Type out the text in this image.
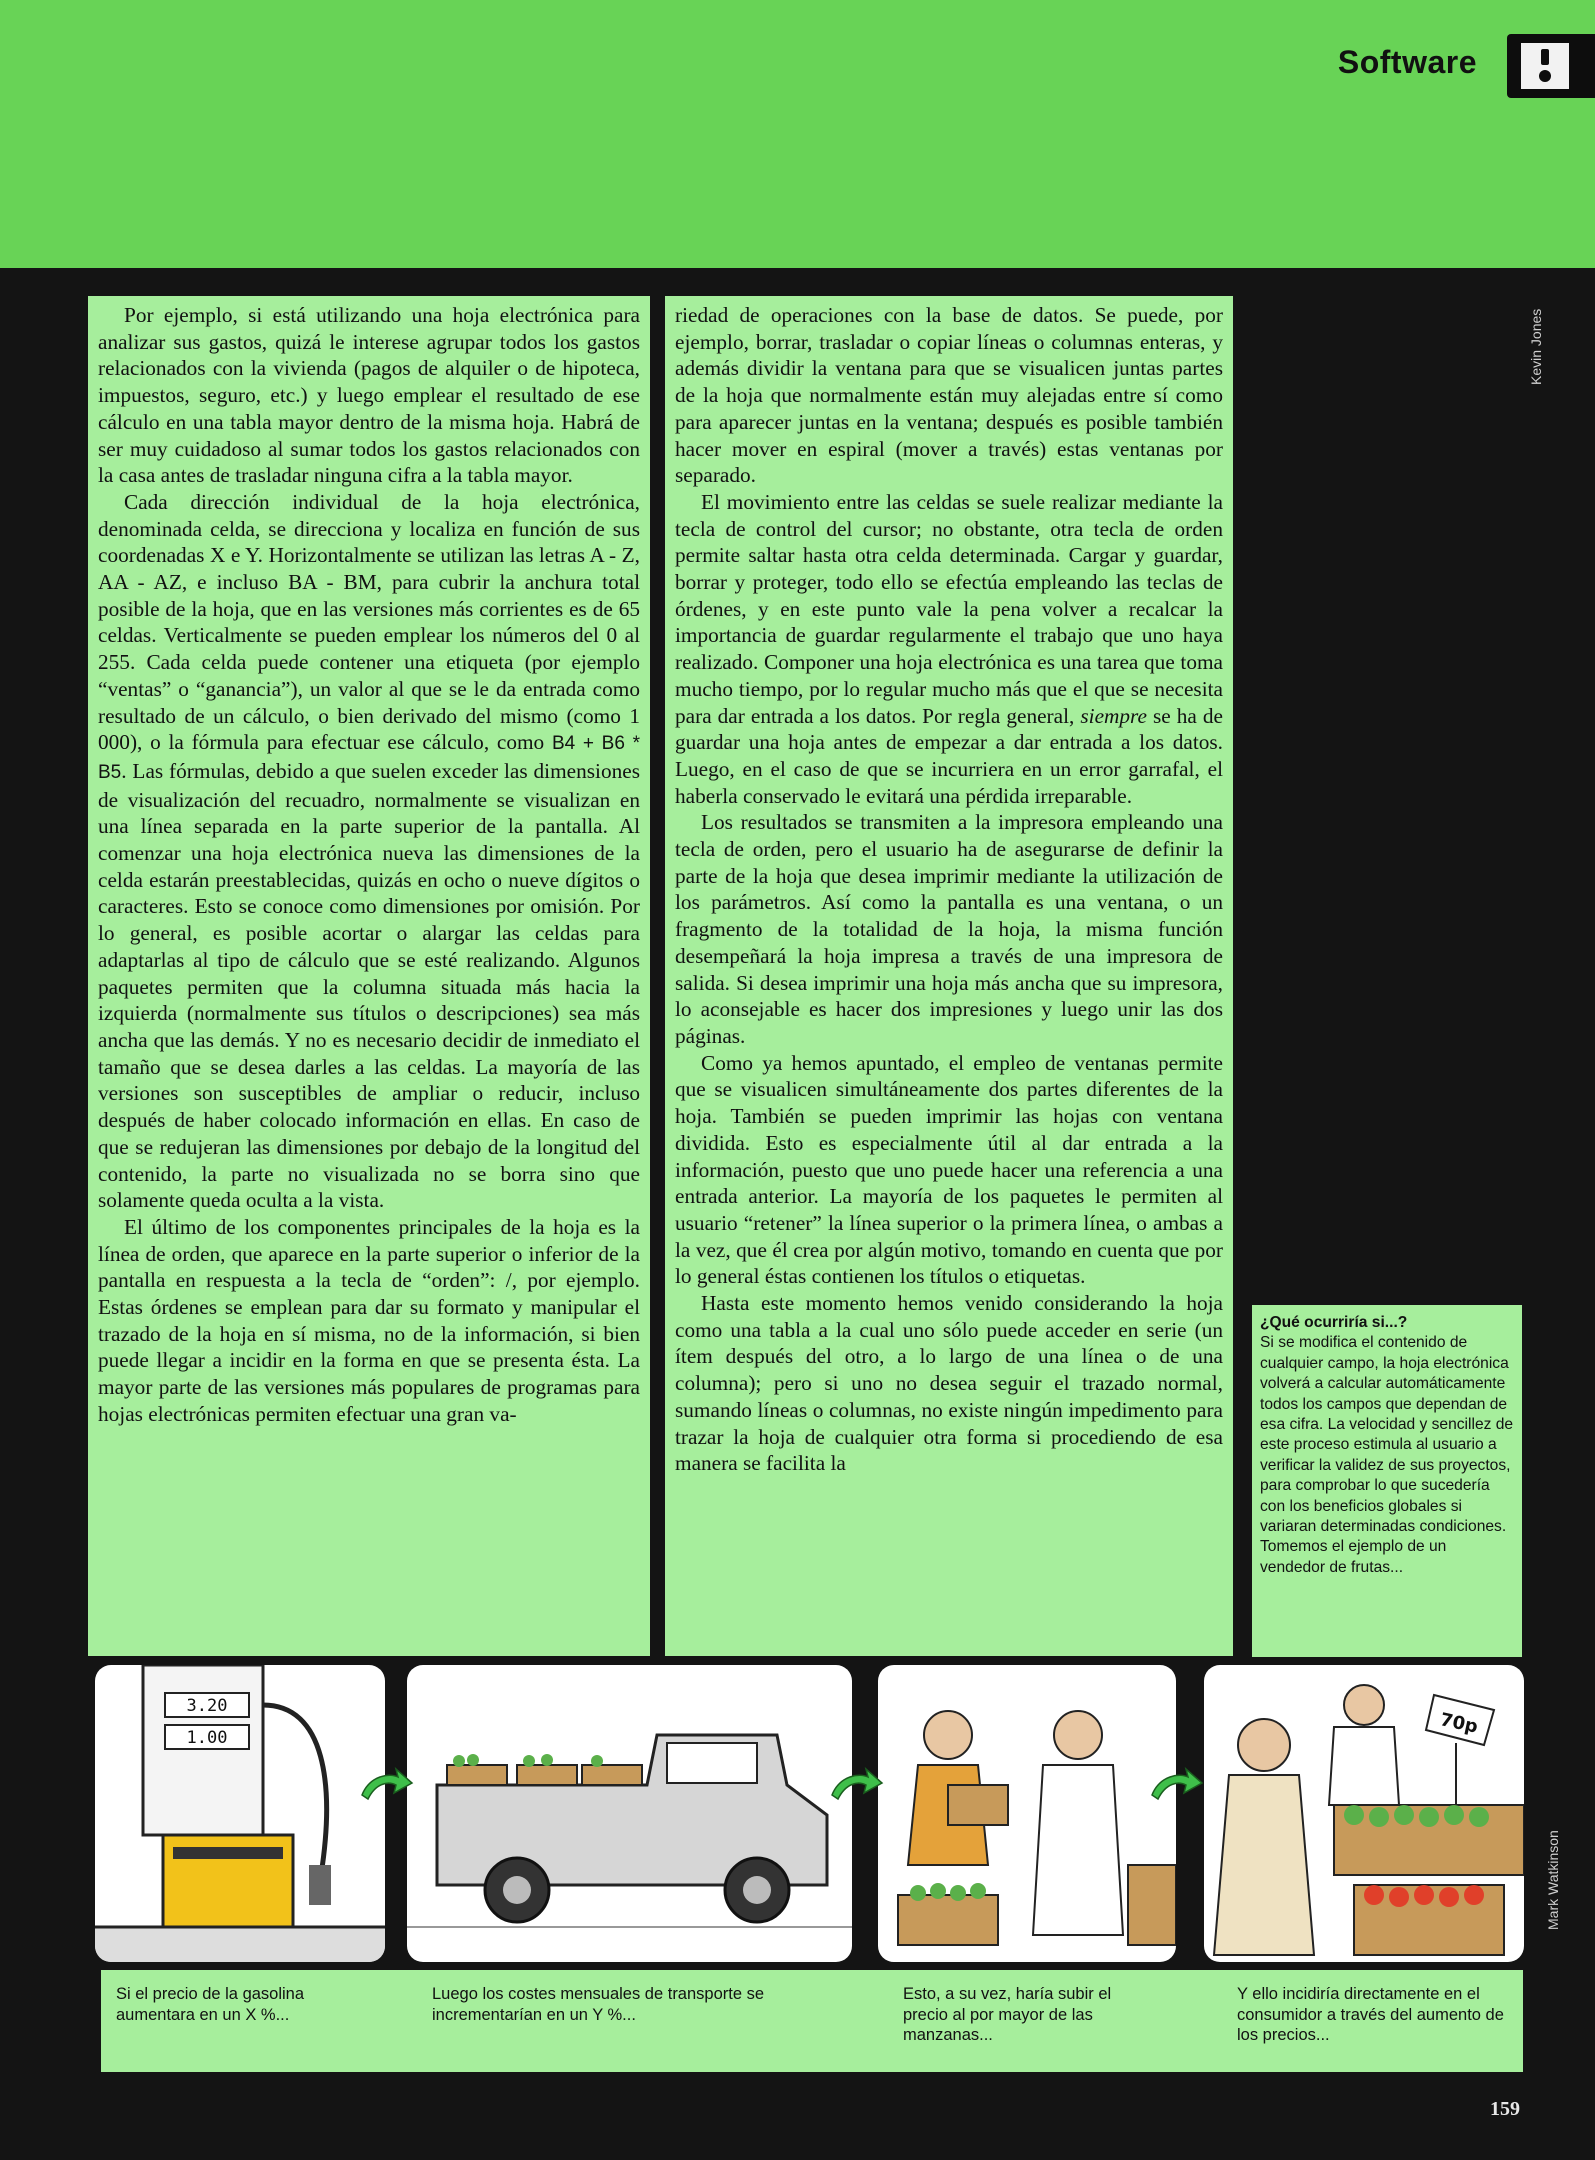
Software

Por ejemplo, si está utilizando una hoja electrónica para analizar sus gastos, quizá le interese agrupar todos los gastos relacionados con la vivienda (pagos de alquiler o de hipoteca, impuestos, seguro, etc.) y luego emplear el resultado de ese cálculo en una tabla mayor dentro de la misma hoja. Habrá de ser muy cuidadoso al sumar todos los gastos relacionados con la casa antes de trasladar ninguna cifra a la tabla mayor.

Cada dirección individual de la hoja electrónica, denominada celda, se direcciona y localiza en función de sus coordenadas X e Y. Horizontalmente se utilizan las letras A - Z, AA - AZ, e incluso BA - BM, para cubrir la anchura total posible de la hoja, que en las versiones más corrientes es de 65 celdas. Verticalmente se pueden emplear los números del 0 al 255. Cada celda puede contener una etiqueta (por ejemplo “ventas” o “ganancia”), un valor al que se le da entrada como resultado de un cálculo, o bien derivado del mismo (como 1 000), o la fórmula para efectuar ese cálculo, como B4 + B6 * B5. Las fórmulas, debido a que suelen exceder las dimensiones de visualización del recuadro, normalmente se visualizan en una línea separada en la parte superior de la pantalla. Al comenzar una hoja electrónica nueva las dimensiones de la celda estarán preestablecidas, quizás en ocho o nueve dígitos o caracteres. Esto se conoce como dimensiones por omisión. Por lo general, es posible acortar o alargar las celdas para adaptarlas al tipo de cálculo que se esté realizando. Algunos paquetes permiten que la columna situada más hacia la izquierda (normalmente sus títulos o descripciones) sea más ancha que las demás. Y no es necesario decidir de inmediato el tamaño que se desea darles a las celdas. La mayoría de las versiones son susceptibles de ampliar o reducir, incluso después de haber colocado información en ellas. En caso de que se redujeran las dimensiones por debajo de la longitud del contenido, la parte no visualizada no se borra sino que solamente queda oculta a la vista.

El último de los componentes principales de la hoja es la línea de orden, que aparece en la parte superior o inferior de la pantalla en respuesta a la tecla de “orden”: /, por ejemplo. Estas órdenes se emplean para dar su formato y manipular el trazado de la hoja en sí misma, no de la información, si bien puede llegar a incidir en la forma en que se presenta ésta. La mayor parte de las versiones más populares de programas para hojas electrónicas permiten efectuar una gran va-

riedad de operaciones con la base de datos. Se puede, por ejemplo, borrar, trasladar o copiar líneas o columnas enteras, y además dividir la ventana para que se visualicen juntas partes de la hoja que normalmente están muy alejadas entre sí como para aparecer juntas en la ventana; después es posible también hacer mover en espiral (mover a través) estas ventanas por separado.

El movimiento entre las celdas se suele realizar mediante la tecla de control del cursor; no obstante, otra tecla de orden permite saltar hasta otra celda determinada. Cargar y guardar, borrar y proteger, todo ello se efectúa empleando las teclas de órdenes, y en este punto vale la pena volver a recalcar la importancia de guardar regularmente el trabajo que uno haya realizado. Componer una hoja electrónica es una tarea que toma mucho tiempo, por lo regular mucho más que el que se necesita para dar entrada a los datos. Por regla general, siempre se ha de guardar una hoja antes de empezar a dar entrada a los datos. Luego, en el caso de que se incurriera en un error garrafal, el haberla conservado le evitará una pérdida irreparable.

Los resultados se transmiten a la impresora empleando una tecla de orden, pero el usuario ha de asegurarse de definir la parte de la hoja que desea imprimir mediante la utilización de los parámetros. Así como la pantalla es una ventana, o un fragmento de la totalidad de la hoja, la misma función desempeñará la hoja impresa a través de una impresora de salida. Si desea imprimir una hoja más ancha que su impresora, lo aconsejable es hacer dos impresiones y luego unir las dos páginas.

Como ya hemos apuntado, el empleo de ventanas permite que se visualicen simultáneamente dos partes diferentes de la hoja. También se pueden imprimir las hojas con ventana dividida. Esto es especialmente útil al dar entrada a la información, puesto que uno puede hacer una referencia a una entrada anterior. La mayoría de los paquetes le permiten al usuario “retener” la línea superior o la primera línea, o ambas a la vez, que él crea por algún motivo, tomando en cuenta que por lo general éstas contienen los títulos o etiquetas.

Hasta este momento hemos venido considerando la hoja como una tabla a la cual uno sólo puede acceder en serie (un ítem después del otro, a lo largo de una línea o de una columna); pero si uno no desea seguir el trazado normal, sumando líneas o columnas, no existe ningún impedimento para trazar la hoja de cualquier otra forma si procediendo de esa manera se facilita la

Kevin Jones
Mark Watkinson
¿Qué ocurriría si...?
Si se modifica el contenido de cualquier campo, la hoja electrónica volverá a calcular automáticamente todos los campos que dependan de esa cifra. La velocidad y sencillez de este proceso estimula al usuario a verificar la validez de sus proyectos, para comprobar lo que sucedería con los beneficios globales si variaran determinadas condiciones. Tomemos el ejemplo de un vendedor de frutas...
3.20
1.00
70p
Si el precio de la gasolina aumentara en un X %...
Luego los costes mensuales de transporte se incrementarían en un Y %...
Esto, a su vez, haría subir el precio al por mayor de las manzanas...
Y ello incidiría directamente en el consumidor a través del aumento de los precios...
159
